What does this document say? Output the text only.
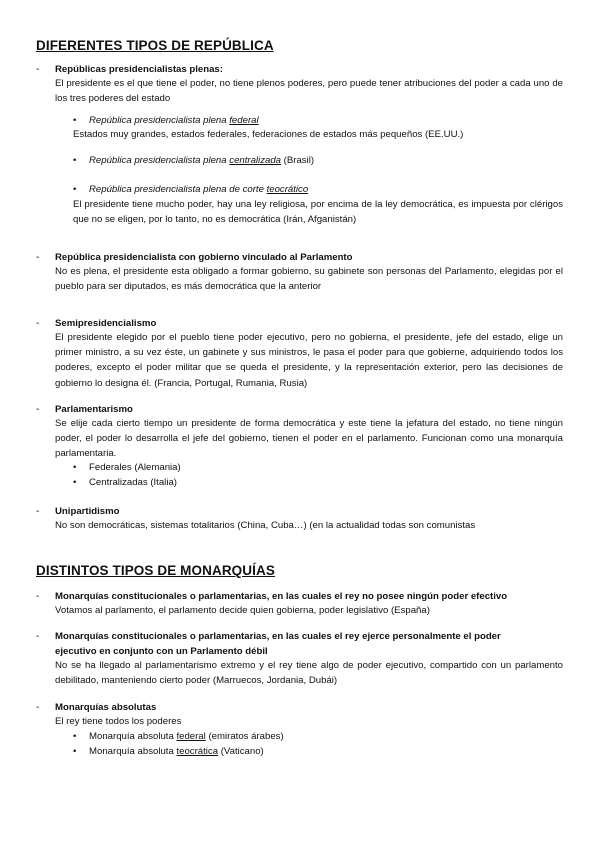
DIFERENTES TIPOS DE REPÚBLICA
- Repúblicas presidencialistas plenas:
El presidente es el que tiene el poder, no tiene plenos poderes, pero puede tener atribuciones del poder a cada uno de los tres poderes del estado
• República presidencialista plena federal
Estados muy grandes, estados federales, federaciones de estados más pequeños (EE.UU.)
• República presidencialista plena centralizada (Brasil)
• República presidencialista plena de corte teocrático
El presidente tiene mucho poder, hay una ley religiosa, por encima de la ley democrática, es impuesta por clérigos que no se eligen, por lo tanto, no es democrática (Irán, Afganistán)
- República presidencialista con gobierno vinculado al Parlamento
No es plena, el presidente esta obligado a formar gobierno, su gabinete son personas del Parlamento, elegidas por el pueblo para ser diputados, es más democrática que la anterior
- Semipresidencialismo
El presidente elegido por el pueblo tiene poder ejecutivo, pero no gobierna, el presidente, jefe del estado, elige un primer ministro, a su vez éste, un gabinete y sus ministros, le pasa el poder para que gobierne, adquiriendo todos los poderes, excepto el poder militar que se queda el presidente, y la representación exterior, pero las decisiones de gobierno lo designa él. (Francia, Portugal, Rumania, Rusia)
- Parlamentarismo
Se elije cada cierto tiempo un presidente de forma democrática y este tiene la jefatura del estado, no tiene ningún poder, el poder lo desarrolla el jefe del gobierno, tienen el poder en el parlamento. Funcionan como una monarquía parlamentaria.
• Federales (Alemania)
• Centralizadas (Italia)
- Unipartidismo
No son democráticas, sistemas totalitarios (China, Cuba…) (en la actualidad todas son comunistas
DISTINTOS TIPOS DE MONARQUÍAS
- Monarquías constitucionales o parlamentarias, en las cuales el rey no posee ningún poder efectivo
Votamos al parlamento, el parlamento decide quien gobierna, poder legislativo (España)
- Monarquías constitucionales o parlamentarias, en las cuales el rey ejerce personalmente el poder
ejecutivo en conjunto con un Parlamento débil
No se ha llegado al parlamentarismo extremo y el rey tiene algo de poder ejecutivo, compartido con un parlamento debilitado, manteniendo cierto poder (Marruecos, Jordania, Dubái)
- Monarquías absolutas
El rey tiene todos los poderes
• Monarquía absoluta federal (emiratos árabes)
• Monarquía absoluta teocrática (Vaticano)
